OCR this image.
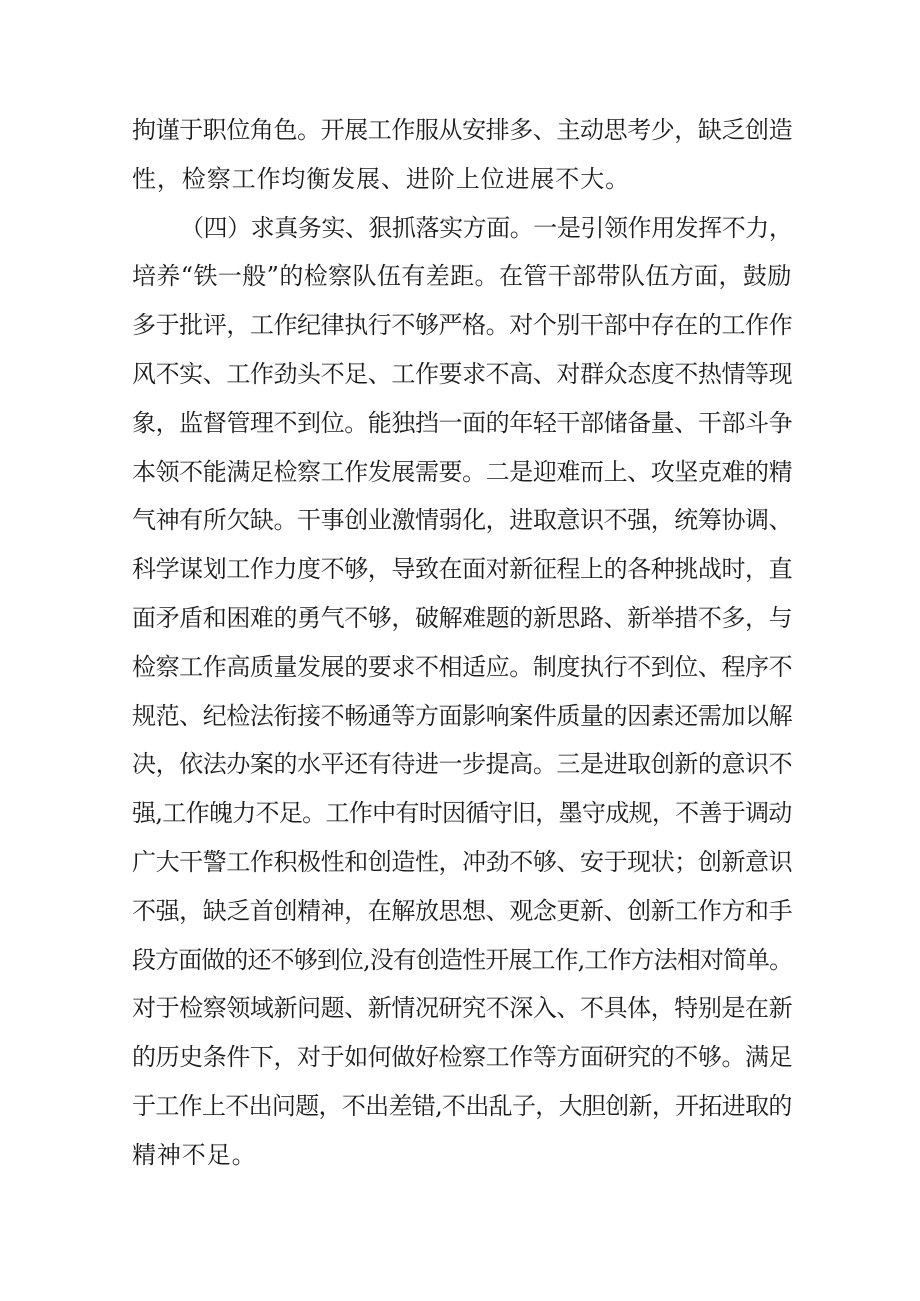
拘谨于职位角色。开展工作服从安排多、主动思考少，缺乏创造
性，检察工作均衡发展、进阶上位进展不大。
（四）求真务实、狠抓落实方面。一是引领作用发挥不力，
培养“铁一般”的检察队伍有差距。在管干部带队伍方面，鼓励
多于批评，工作纪律执行不够严格。对个别干部中存在的工作作
风不实、工作劲头不足、工作要求不高、对群众态度不热情等现
象，监督管理不到位。能独挡一面的年轻干部储备量、干部斗争
本领不能满足检察工作发展需要。二是迎难而上、攻坚克难的精
气神有所欠缺。干事创业激情弱化，进取意识不强，统筹协调、
科学谋划工作力度不够，导致在面对新征程上的各种挑战时，直
面矛盾和困难的勇气不够，破解难题的新思路、新举措不多，与
检察工作高质量发展的要求不相适应。制度执行不到位、程序不
规范、纪检法衔接不畅通等方面影响案件质量的因素还需加以解
决，依法办案的水平还有待进一步提高。三是进取创新的意识不
强,工作魄力不足。工作中有时因循守旧，墨守成规，不善于调动
广大干警工作积极性和创造性，冲劲不够、安于现状；创新意识
不强，缺乏首创精神，在解放思想、观念更新、创新工作方和手
段方面做的还不够到位,没有创造性开展工作,工作方法相对简单。
对于检察领域新问题、新情况研究不深入、不具体，特别是在新
的历史条件下，对于如何做好检察工作等方面研究的不够。满足
于工作上不出问题，不出差错,不出乱子，大胆创新，开拓进取的
精神不足。
